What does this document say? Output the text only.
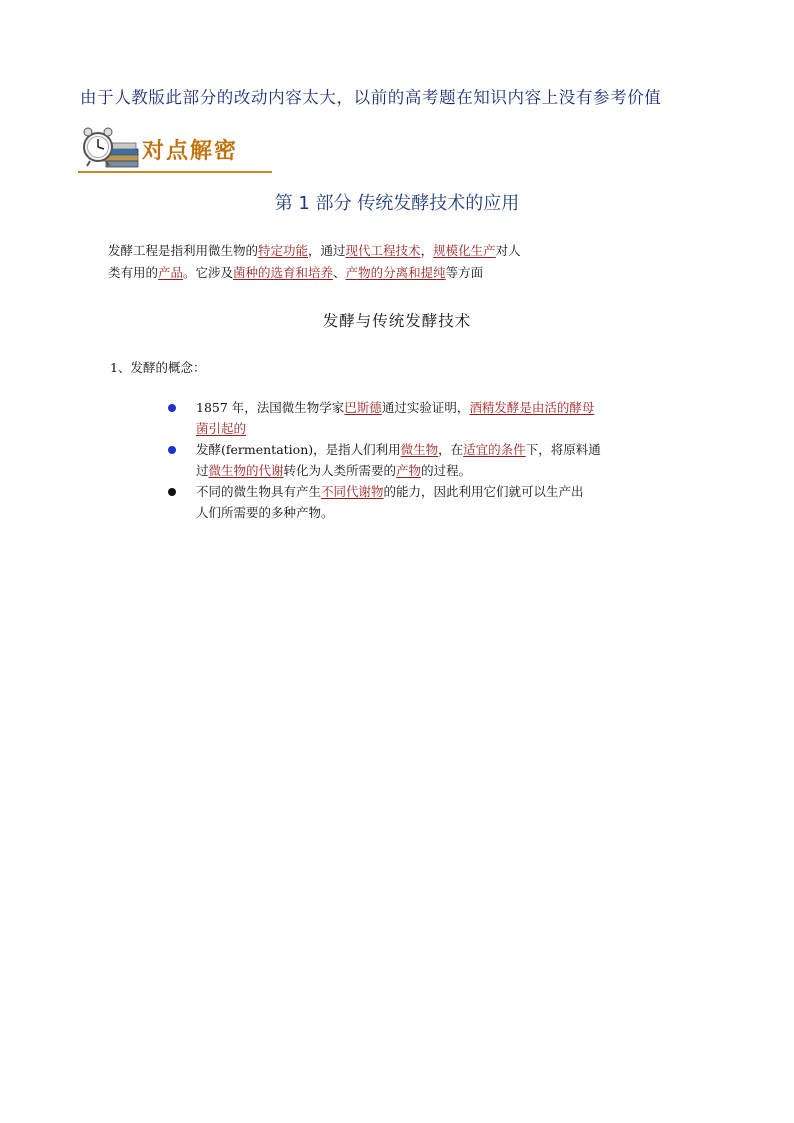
由于人教版此部分的改动内容太大，以前的高考题在知识内容上没有参考价值
对点解密
第 1 部分 传统发酵技术的应用
发酵工程是指利用微生物的特定功能，通过现代工程技术，规模化生产对人
类有用的产品。它涉及菌种的选育和培养、产物的分离和提纯等方面
发酵与传统发酵技术
1、发酵的概念：
1857 年，法国微生物学家巴斯德通过实验证明，酒精发酵是由活的酵母
菌引起的
发酵(fermentation)，是指人们利用微生物，在适宜的条件下，将原料通
过微生物的代谢转化为人类所需要的产物的过程。
不同的微生物具有产生不同代谢物的能力，因此利用它们就可以生产出
人们所需要的多种产物。
